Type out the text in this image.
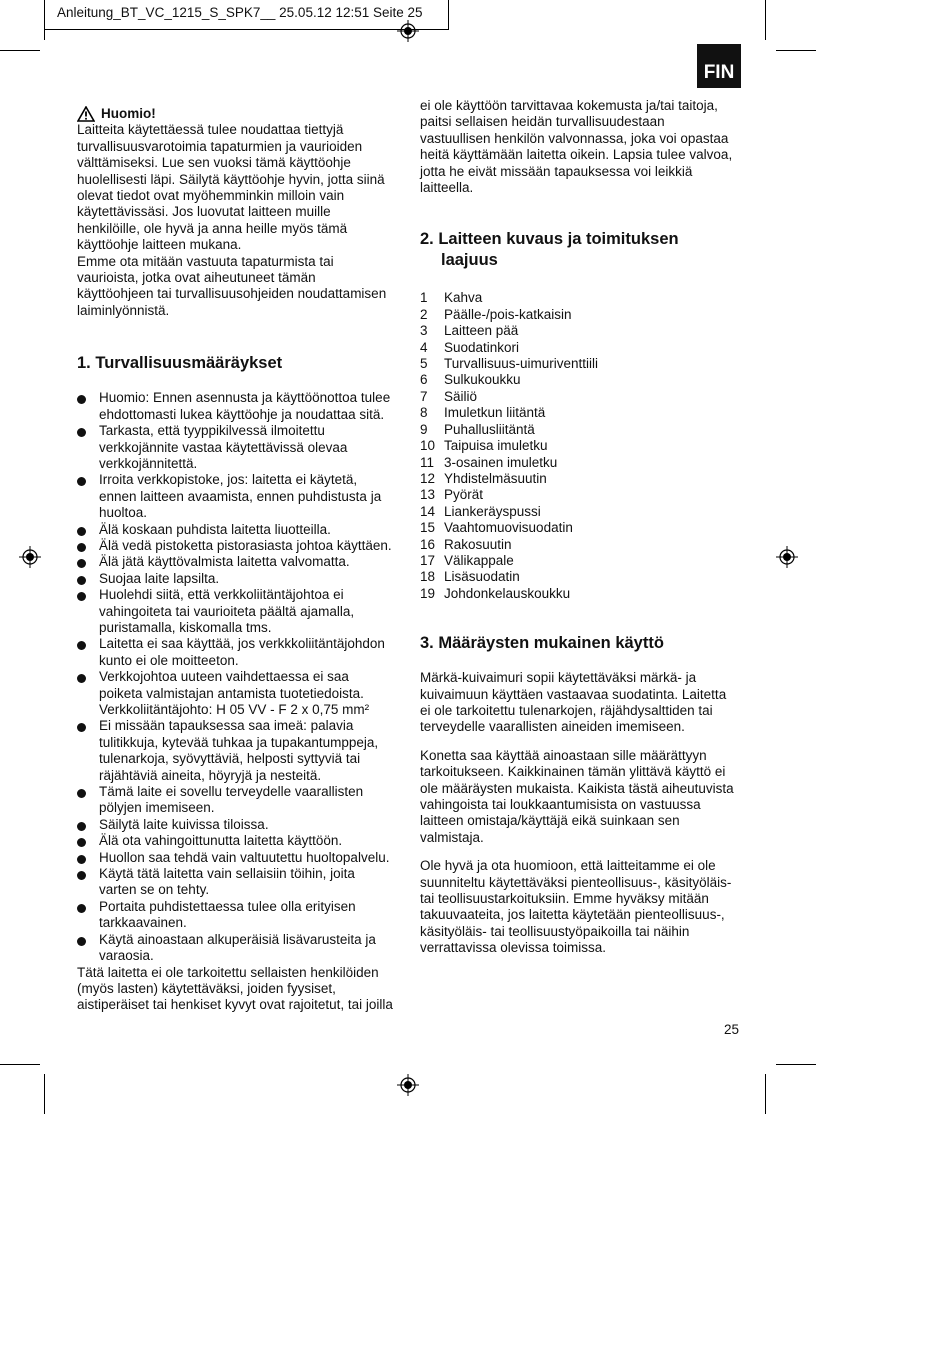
Anleitung_BT_VC_1215_S_SPK7__ 25.05.12 12:51 Seite 25
FIN
Huomio!
Laitteita käytettäessä tulee noudattaa tiettyjä
turvallisuusvarotoimia tapaturmien ja vaurioiden
välttämiseksi. Lue sen vuoksi tämä käyttöohje
huolellisesti läpi. Säilytä käyttöohje hyvin, jotta siinä
olevat tiedot ovat myöhemminkin milloin vain
käytettävissäsi. Jos luovutat laitteen muille
henkilöille, ole hyvä ja anna heille myös tämä
käyttöohje laitteen mukana.
Emme ota mitään vastuuta tapaturmista tai
vaurioista, jotka ovat aiheutuneet tämän
käyttöohjeen tai turvallisuusohjeiden noudattamisen
laiminlyönnistä.
1. Turvallisuusmääräykset
Huomio: Ennen asennusta ja käyttöönottoa tulee
ehdottomasti lukea käyttöohje ja noudattaa sitä.
Tarkasta, että tyyppikilvessä ilmoitettu
verkkojännite vastaa käytettävissä olevaa
verkkojännitettä.
Irroita verkkopistoke, jos: laitetta ei käytetä,
ennen laitteen avaamista, ennen puhdistusta ja
huoltoa.
Älä koskaan puhdista laitetta liuotteilla.
Älä vedä pistoketta pistorasiasta johtoa käyttäen.
Älä jätä käyttövalmista laitetta valvomatta.
Suojaa laite lapsilta.
Huolehdi siitä, että verkkoliitäntäjohtoa ei
vahingoiteta tai vaurioiteta päältä ajamalla,
puristamalla, kiskomalla tms.
Laitetta ei saa käyttää, jos verkkkoliitäntäjohdon
kunto ei ole moitteeton.
Verkkojohtoa uuteen vaihdettaessa ei saa
poiketa valmistajan antamista tuotetiedoista.
Verkkoliitäntäjohto: H 05 VV - F 2 x 0,75 mm²
Ei missään tapauksessa saa imeä: palavia
tulitikkuja, kytevää tuhkaa ja tupakantumppeja,
tulenarkoja, syövyttäviä, helposti syttyviä tai
räjähtäviä aineita, höyryjä ja nesteitä.
Tämä laite ei sovellu terveydelle vaarallisten
pölyjen imemiseen.
Säilytä laite kuivissa tiloissa.
Älä ota vahingoittunutta laitetta käyttöön.
Huollon saa tehdä vain valtuutettu huoltopalvelu.
Käytä tätä laitetta vain sellaisiin töihin, joita
varten se on tehty.
Portaita puhdistettaessa tulee olla erityisen
tarkkaavainen.
Käytä ainoastaan alkuperäisiä lisävarusteita ja
varaosia.
Tätä laitetta ei ole tarkoitettu sellaisten henkilöiden
(myös lasten) käytettäväksi, joiden fyysiset,
aistiperäiset tai henkiset kyvyt ovat rajoitetut, tai joilla
ei ole käyttöön tarvittavaa kokemusta ja/tai taitoja,
paitsi sellaisen heidän turvallisuudestaan
vastuullisen henkilön valvonnassa, joka voi opastaa
heitä käyttämään laitetta oikein. Lapsia tulee valvoa,
jotta he eivät missään tapauksessa voi leikkiä
laitteella.
2. Laitteen kuvaus ja toimituksen
laajuus
1	Kahva
2	Päälle-/pois-katkaisin
3	Laitteen pää
4	Suodatinkori
5	Turvallisuus-uimuriventtiili
6	Sulkukoukku
7	Säiliö
8	Imuletkun liitäntä
9	Puhallusliitäntä
10 Taipuisa imuletku
11 3-osainen imuletku
12 Yhdistelmäsuutin
13 Pyörät
14 Liankeräyspussi
15 Vaahtomuovisuodatin
16 Rakosuutin
17 Välikappale
18 Lisäsuodatin
19 Johdonkelauskoukku
3. Määräysten mukainen käyttö
Märkä-kuivaimuri sopii käytettäväksi märkä- ja
kuivaimuun käyttäen vastaavaa suodatinta. Laitetta
ei ole tarkoitettu tulenarkojen, räjähdysalttiden tai
terveydelle vaarallisten aineiden imemiseen.
Konetta saa käyttää ainoastaan sille määrättyyn
tarkoitukseen. Kaikkinainen tämän ylittävä käyttö ei
ole määräysten mukaista. Kaikista tästä aiheutuvista
vahingoista tai loukkaantumisista on vastuussa
laitteen omistaja/käyttäjä eikä suinkaan sen
valmistaja.
Ole hyvä ja ota huomioon, että laitteitamme ei ole
suunniteltu käytettäväksi pienteollisuus-, käsityöläis-
tai teollisuustarkoituksiin. Emme hyväksy mitään
takuuvaateita, jos laitetta käytetään pienteollisuus-,
käsityöläis- tai teollisuustyöpaikoilla tai näihin
verrattavissa olevissa toimissa.
25
